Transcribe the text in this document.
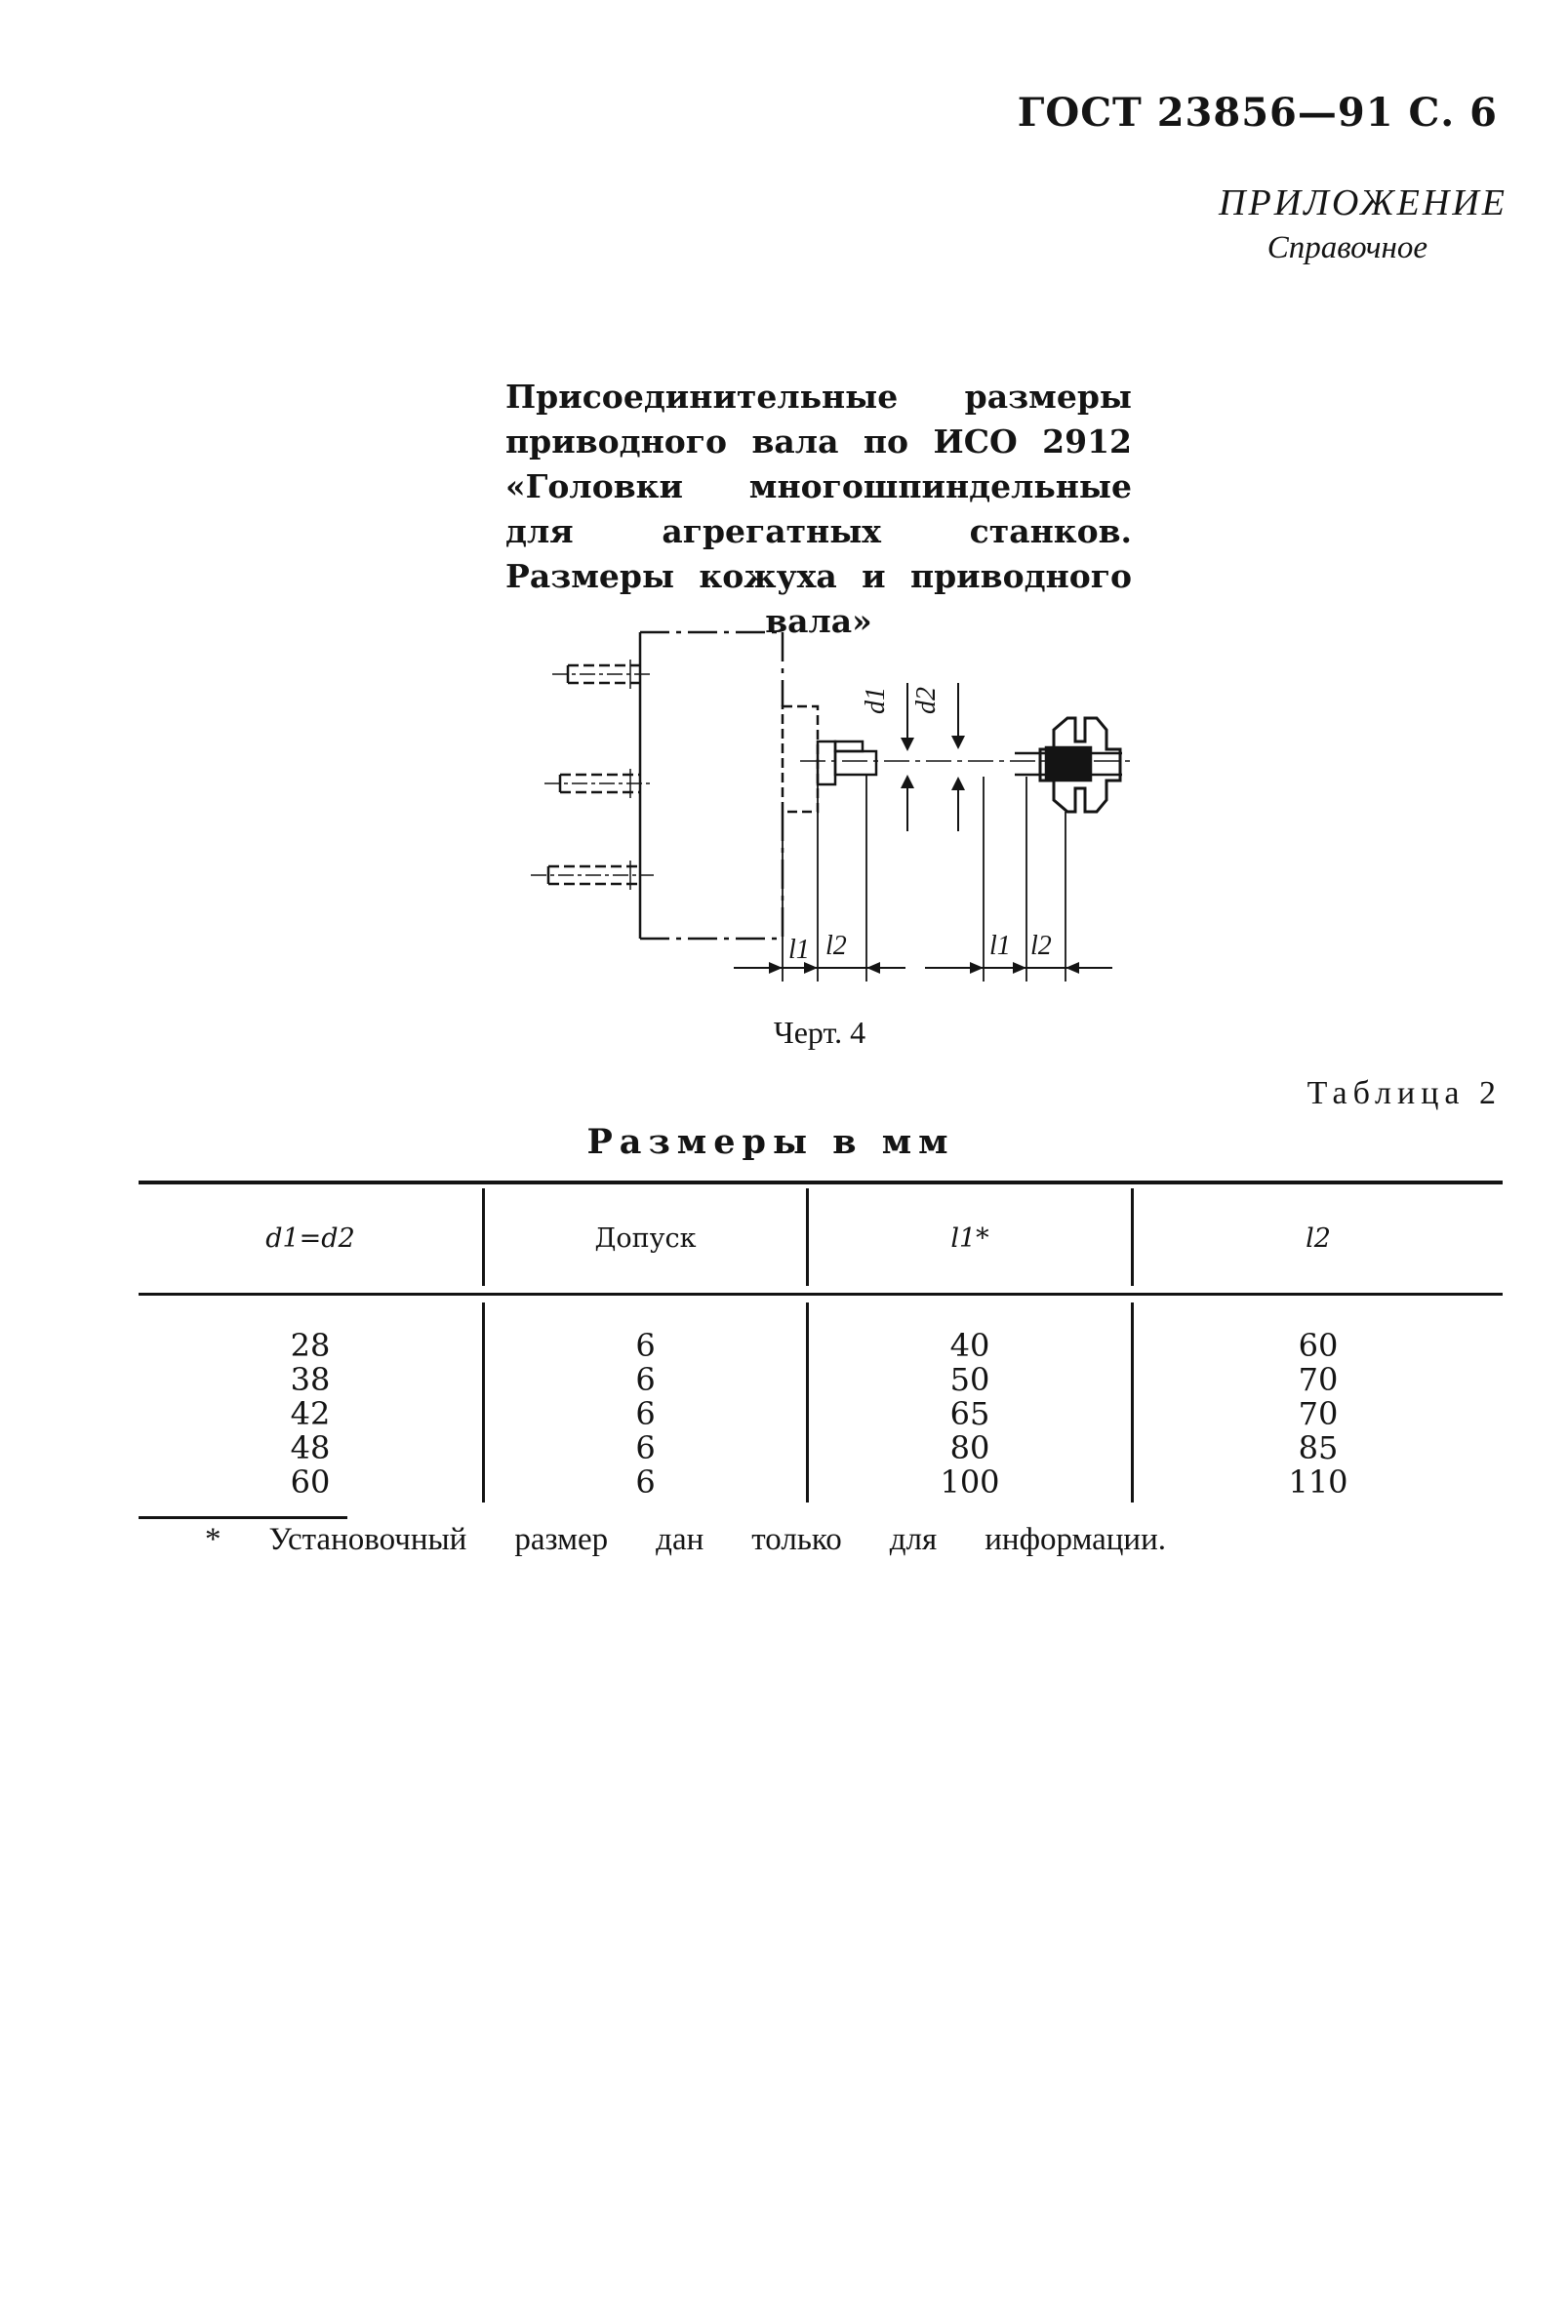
ГОСТ 23856—91 С. 6
ПРИЛОЖЕНИЕ
Справочное
Присоединительные размеры приводного вала по ИСО 2912 «Головки многошпиндельные для агрегатных станков. Размеры кожуха и приводного
вала»
d1 d2
l1 l2	l1 l2
Черт. 4
Таблица 2
Размеры в мм
d1=d2	Допуск	l1*	l2
28	6	40	60
38	6	50	70
42	6	65	70
48	6	80	85
60	6	100	110
* Установочный размер дан только для информации.
